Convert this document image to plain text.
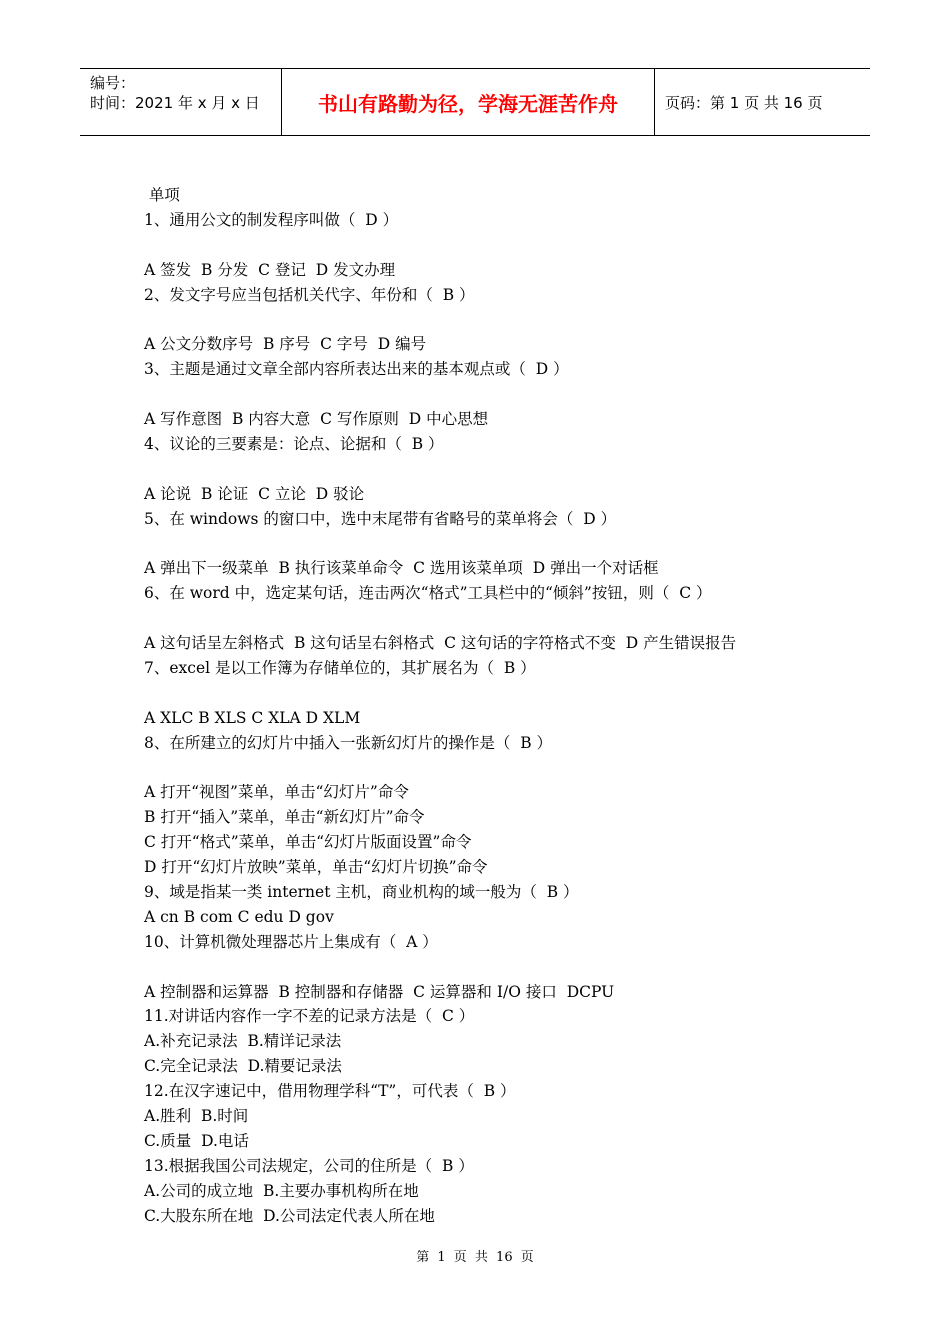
编号：
时间：2021 年 x 月 x 日	书山有路勤为径，学海无涯苦作舟	页码：第 1 页 共 16 页
单项
1、通用公文的制发程序叫做（  D ）
A 签发  B 分发  C 登记  D 发文办理
2、发文字号应当包括机关代字、年份和（  B ）
A 公文分数序号  B 序号  C 字号  D 编号
3、主题是通过文章全部内容所表达出来的基本观点或（  D ）
A 写作意图  B 内容大意  C 写作原则  D 中心思想
4、议论的三要素是：论点、论据和（  B ）
A 论说  B 论证  C 立论  D 驳论
5、在 windows 的窗口中，选中末尾带有省略号的菜单将会（  D ）
A 弹出下一级菜单  B 执行该菜单命令  C 选用该菜单项  D 弹出一个对话框
6、在 word 中，选定某句话，连击两次“格式”工具栏中的“倾斜”按钮，则（  C ）
A 这句话呈左斜格式  B 这句话呈右斜格式  C 这句话的字符格式不变  D 产生错误报告
7、excel 是以工作簿为存储单位的，其扩展名为（  B ）
A XLC B XLS C XLA D XLM
8、在所建立的幻灯片中插入一张新幻灯片的操作是（  B ）
A 打开“视图”菜单，单击“幻灯片”命令
B 打开“插入”菜单，单击“新幻灯片”命令
C 打开“格式”菜单，单击“幻灯片版面设置”命令
D 打开“幻灯片放映”菜单，单击“幻灯片切换”命令
9、域是指某一类 internet 主机，商业机构的域一般为（  B ）
A cn B com C edu D gov
10、计算机微处理器芯片上集成有（  A ）
A 控制器和运算器  B 控制器和存储器  C 运算器和 I/O 接口  DCPU
11.对讲话内容作一字不差的记录方法是（  C ）
A.补充记录法  B.精详记录法
C.完全记录法  D.精要记录法
12.在汉字速记中，借用物理学科“T”，可代表（  B ）
A.胜利  B.时间
C.质量  D.电话
13.根据我国公司法规定，公司的住所是（  B ）
A.公司的成立地  B.主要办事机构所在地
C.大股东所在地  D.公司法定代表人所在地
第 1 页 共 16 页
